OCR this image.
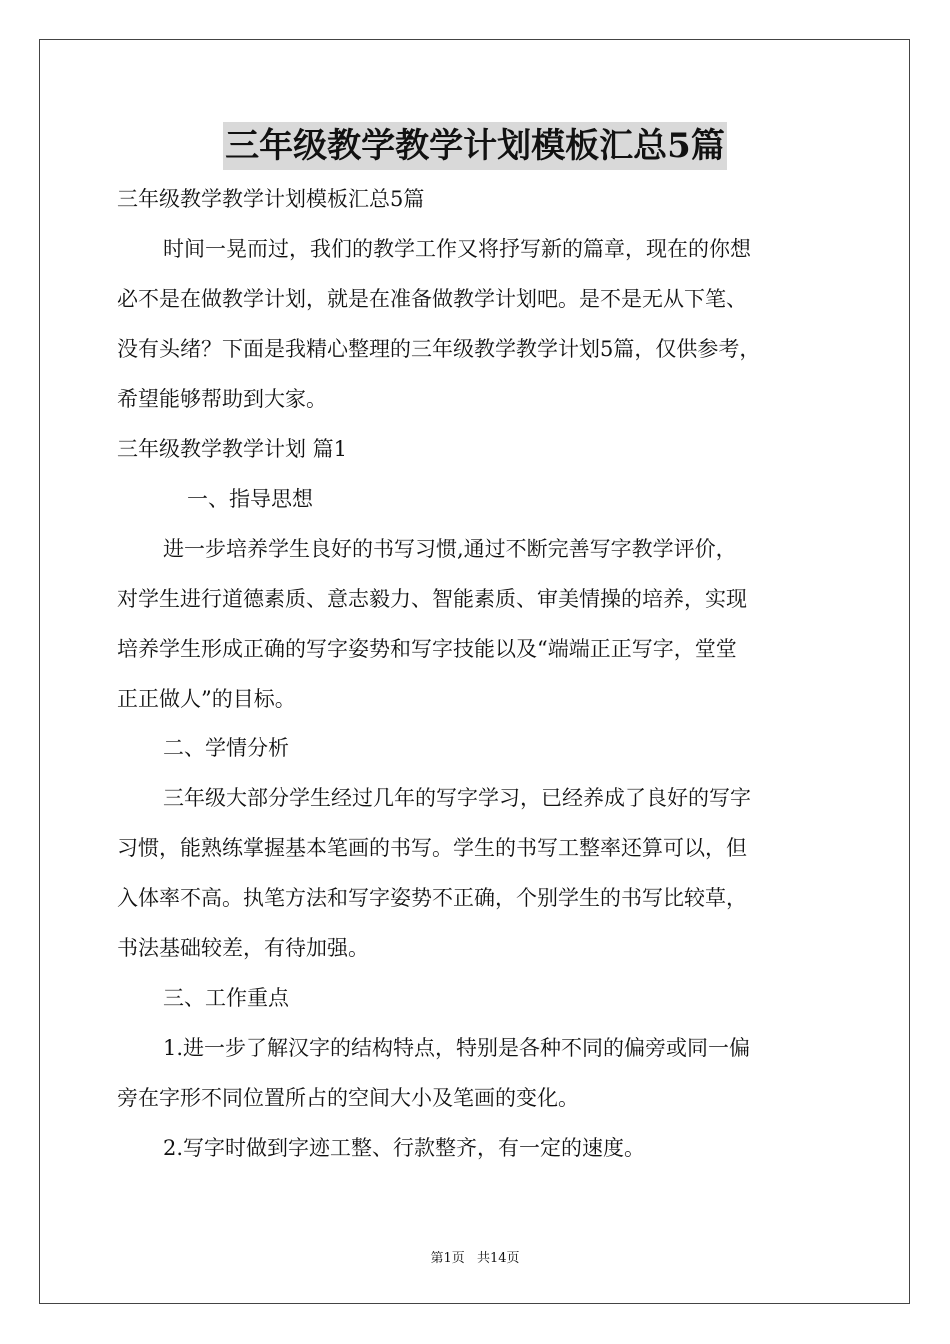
三年级教学教学计划模板汇总5篇
三年级教学教学计划模板汇总5篇
时间一晃而过，我们的教学工作又将抒写新的篇章，现在的你想
必不是在做教学计划，就是在准备做教学计划吧。是不是无从下笔、
没有头绪？下面是我精心整理的三年级教学教学计划5篇，仅供参考，
希望能够帮助到大家。
三年级教学教学计划 篇1
一、指导思想
进一步培养学生良好的书写习惯,通过不断完善写字教学评价，
对学生进行道德素质、意志毅力、智能素质、审美情操的培养，实现
培养学生形成正确的写字姿势和写字技能以及“端端正正写字，堂堂
正正做人”的目标。
二、学情分析
三年级大部分学生经过几年的写字学习，已经养成了良好的写字
习惯，能熟练掌握基本笔画的书写。学生的书写工整率还算可以，但
入体率不高。执笔方法和写字姿势不正确，个别学生的书写比较草，
书法基础较差，有待加强。
三、工作重点
1.进一步了解汉字的结构特点，特别是各种不同的偏旁或同一偏
旁在字形不同位置所占的空间大小及笔画的变化。
2.写字时做到字迹工整、行款整齐，有一定的速度。
第1页 共14页
